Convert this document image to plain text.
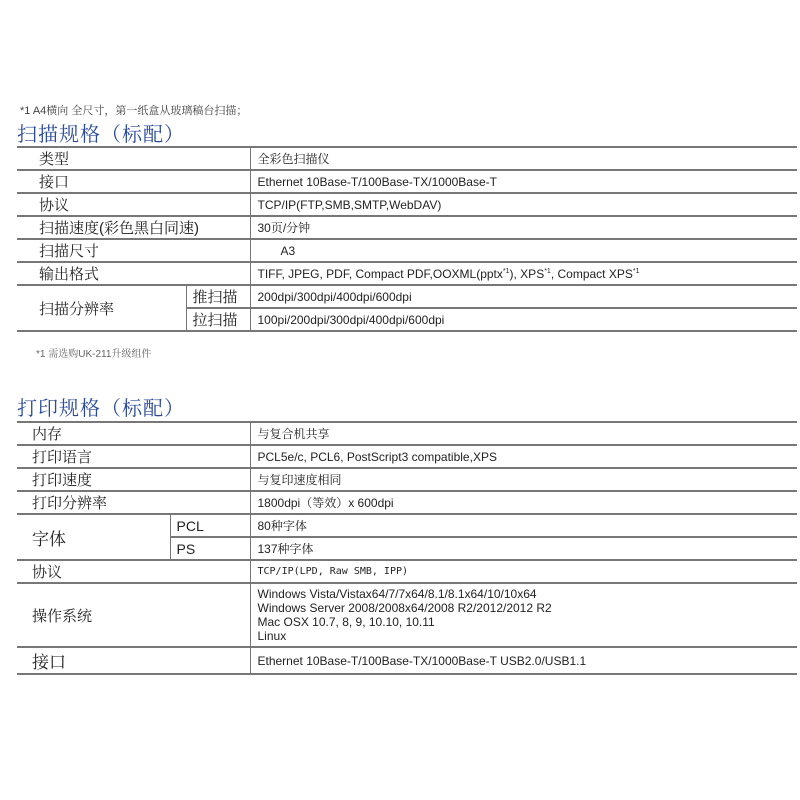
*1 A4横向 全尺寸，第一纸盒从玻璃稿台扫描；
扫描规格（标配）
类型		全彩色扫描仪
接口		Ethernet 10Base-T/100Base-TX/1000Base-T
协议		TCP/IP(FTP,SMB,SMTP,WebDAV)
扫描速度(彩色黑白同速)		30页/分钟
扫描尺寸		A3
输出格式		TIFF, JPEG, PDF, Compact PDF,OOXML(pptx$^{*1}$), XPS$^{*1}$, Compact XPS$^{*1}$
扫描分辨率	推扫描	200dpi/300dpi/400dpi/600dpi
	拉扫描	100pi/200dpi/300dpi/400dpi/600dpi
*1 需选购UK-211升级组件
打印规格（标配）
内存		与复合机共享
打印语言		PCL5e/c, PCL6, PostScript3 compatible,XPS
打印速度		与复印速度相同
打印分辨率		1800dpi（等效）x 600dpi
字体	PCL	80种字体
	PS	137种字体
协议		TCP/IP(LPD, Raw SMB, IPP)
操作系统		Windows Vista/Vistax64/7/7x64/8.1/8.1x64/10/10x64
Windows Server 2008/2008x64/2008 R2/2012/2012 R2
Mac OSX 10.7, 8, 9, 10.10, 10.11
Linux

接口		Ethernet 10Base-T/100Base-TX/1000Base-T USB2.0/USB1.1
